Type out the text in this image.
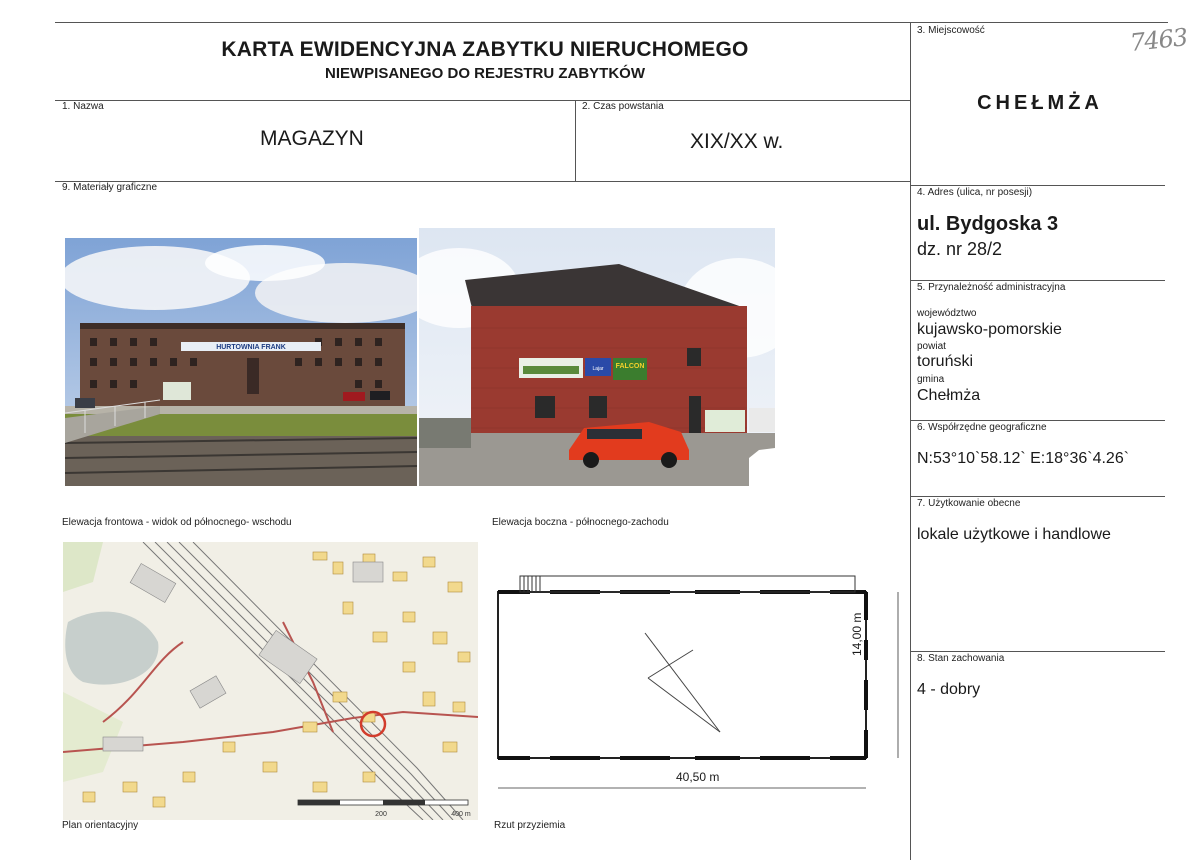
KARTA EWIDENCYJNA ZABYTKU NIERUCHOMEGO
NIEWPISANEGO DO REJESTRU ZABYTKÓW
7463
1. Nazwa
MAGAZYN
2. Czas powstania
XIX/XX w.
3. Miejscowość
CHEŁMŻA
4. Adres (ulica, nr posesji)
ul. Bydgoska 3
dz. nr 28/2
5. Przynależność administracyjna
województwo
kujawsko-pomorskie
powiat
toruński
gmina
Chełmża
6. Współrzędne geograficzne
N:53°10`58.12` E:18°36`4.26`
7. Użytkowanie obecne
lokale użytkowe i handlowe
8. Stan zachowania
4 - dobry
9. Materiały graficzne
HURTOWNIA FRANK
Lajar FALCON
Elewacja frontowa - widok od północnego- wschodu	Elewacja boczna - północnego-zachodu
200	400 m
Plan orientacyjny
40,50 m
14,00 m
Rzut przyziemia
